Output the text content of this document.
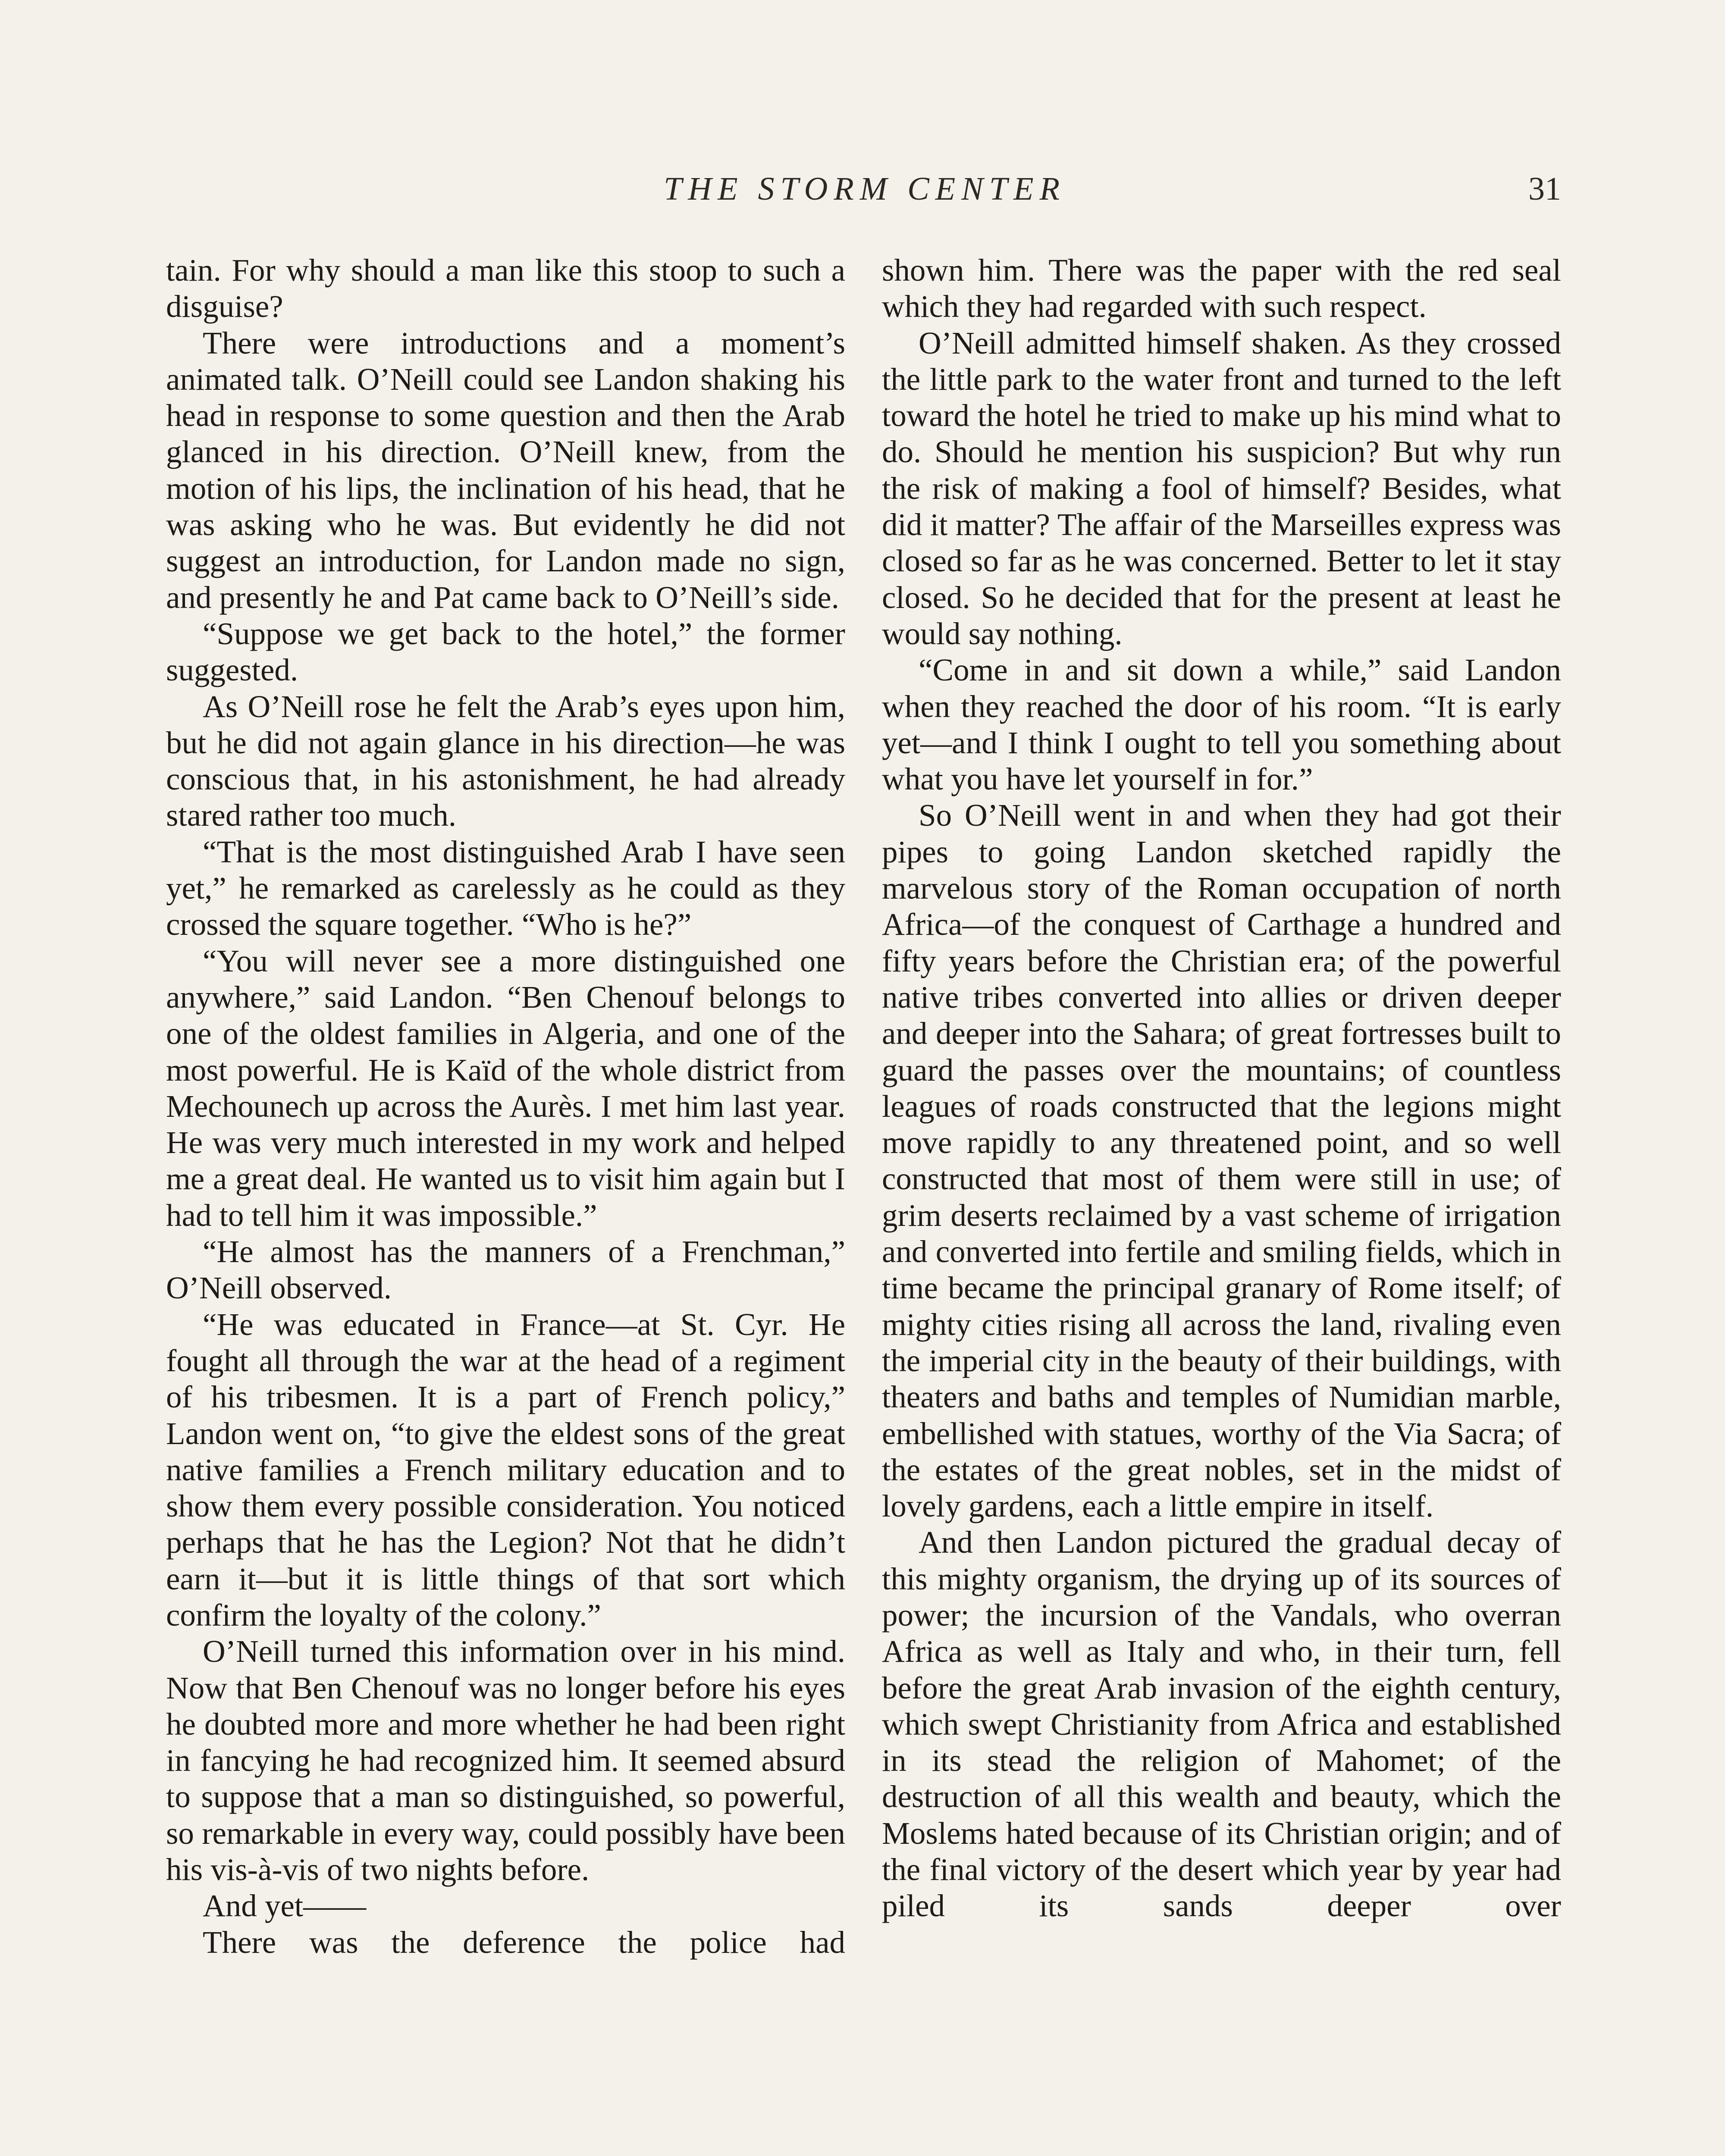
THE STORM CENTER	31

tain. For why should a man like this stoop to such a disguise?

There were introductions and a moment’s animated talk. O’Neill could see Landon shaking his head in response to some question and then the Arab glanced in his direction. O’Neill knew, from the motion of his lips, the inclination of his head, that he was asking who he was. But evidently he did not suggest an introduction, for Landon made no sign, and presently he and Pat came back to O’Neill’s side.

“Suppose we get back to the hotel,” the former suggested.

As O’Neill rose he felt the Arab’s eyes upon him, but he did not again glance in his direction—he was conscious that, in his astonishment, he had already stared rather too much.

“That is the most distinguished Arab I have seen yet,” he remarked as carelessly as he could as they crossed the square together. “Who is he?”

“You will never see a more distinguished one anywhere,” said Landon. “Ben Chenouf belongs to one of the oldest families in Algeria, and one of the most powerful. He is Kaïd of the whole district from Mechounech up across the Aurès. I met him last year. He was very much interested in my work and helped me a great deal. He wanted us to visit him again but I had to tell him it was impossible.”

“He almost has the manners of a Frenchman,” O’Neill observed.

“He was educated in France—at St. Cyr. He fought all through the war at the head of a regiment of his tribesmen. It is a part of French policy,” Landon went on, “to give the eldest sons of the great native families a French military education and to show them every possible consideration. You noticed perhaps that he has the Legion? Not that he didn’t earn it—but it is little things of that sort which confirm the loyalty of the colony.”

O’Neill turned this information over in his mind. Now that Ben Chenouf was no longer before his eyes he doubted more and more whether he had been right in fancying he had recognized him. It seemed absurd to suppose that a man so distinguished, so powerful, so remarkable in every way, could possibly have been his vis-à-vis of two nights before.

And yet——

There was the deference the police had

shown him. There was the paper with the red seal which they had regarded with such respect.

O’Neill admitted himself shaken. As they crossed the little park to the water front and turned to the left toward the hotel he tried to make up his mind what to do. Should he mention his suspicion? But why run the risk of making a fool of himself? Besides, what did it matter? The affair of the Marseilles express was closed so far as he was concerned. Better to let it stay closed. So he decided that for the present at least he would say nothing.

“Come in and sit down a while,” said Landon when they reached the door of his room. “It is early yet—and I think I ought to tell you something about what you have let yourself in for.”

So O’Neill went in and when they had got their pipes to going Landon sketched rapidly the marvelous story of the Roman occupation of north Africa—of the conquest of Carthage a hundred and fifty years before the Christian era; of the powerful native tribes converted into allies or driven deeper and deeper into the Sahara; of great fortresses built to guard the passes over the mountains; of countless leagues of roads constructed that the legions might move rapidly to any threatened point, and so well constructed that most of them were still in use; of grim deserts reclaimed by a vast scheme of irrigation and converted into fertile and smiling fields, which in time became the principal granary of Rome itself; of mighty cities rising all across the land, rivaling even the imperial city in the beauty of their buildings, with theaters and baths and temples of Numidian marble, embellished with statues, worthy of the Via Sacra; of the estates of the great nobles, set in the midst of lovely gardens, each a little empire in itself.

And then Landon pictured the gradual decay of this mighty organism, the drying up of its sources of power; the incursion of the Vandals, who overran Africa as well as Italy and who, in their turn, fell before the great Arab invasion of the eighth century, which swept Christianity from Africa and established in its stead the religion of Mahomet; of the destruction of all this wealth and beauty, which the Moslems hated because of its Christian origin; and of the final victory of the desert which year by year had piled its sands deeper over
